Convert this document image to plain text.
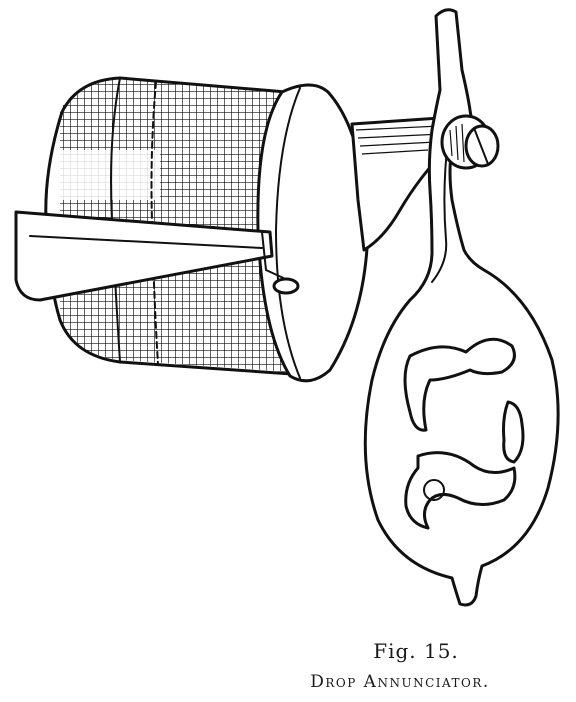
Fig. 15.
Drop Annunciator.
